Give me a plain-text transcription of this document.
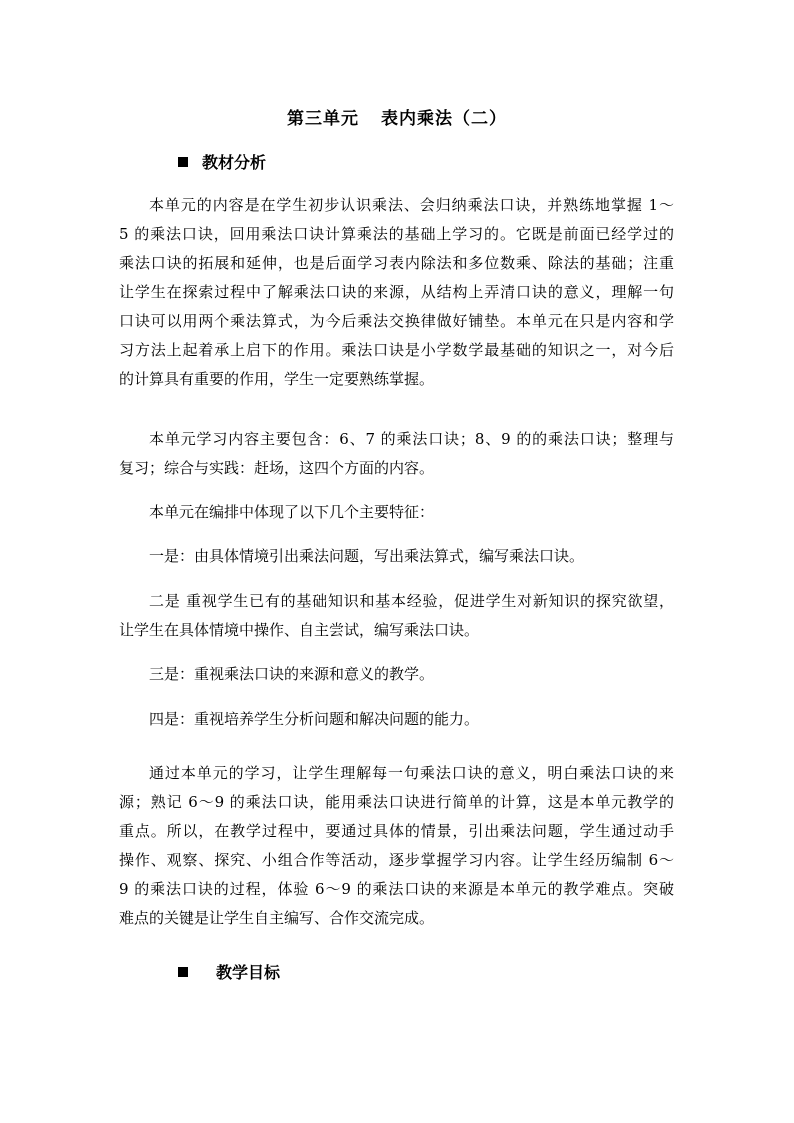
第三单元 表内乘法（二）
教材分析
本单元的内容是在学生初步认识乘法、会归纳乘法口诀，并熟练地掌握 1～
5 的乘法口诀，回用乘法口诀计算乘法的基础上学习的。它既是前面已经学过的
乘法口诀的拓展和延伸，也是后面学习表内除法和多位数乘、除法的基础；注重
让学生在探索过程中了解乘法口诀的来源，从结构上弄清口诀的意义，理解一句
口诀可以用两个乘法算式，为今后乘法交换律做好铺垫。本单元在只是内容和学
习方法上起着承上启下的作用。乘法口诀是小学数学最基础的知识之一，对今后
的计算具有重要的作用，学生一定要熟练掌握。
本单元学习内容主要包含：6、7 的乘法口诀；8、9 的的乘法口诀；整理与
复习；综合与实践：赶场，这四个方面的内容。
本单元在编排中体现了以下几个主要特征：
一是：由具体情境引出乘法问题，写出乘法算式，编写乘法口诀。
二是 重视学生已有的基础知识和基本经验，促进学生对新知识的探究欲望，
让学生在具体情境中操作、自主尝试，编写乘法口诀。
三是：重视乘法口诀的来源和意义的教学。
四是：重视培养学生分析问题和解决问题的能力。
通过本单元的学习，让学生理解每一句乘法口诀的意义，明白乘法口诀的来
源；熟记 6～9 的乘法口诀，能用乘法口诀进行简单的计算，这是本单元教学的
重点。所以，在教学过程中，要通过具体的情景，引出乘法问题，学生通过动手
操作、观察、探究、小组合作等活动，逐步掌握学习内容。让学生经历编制 6～
9 的乘法口诀的过程，体验 6～9 的乘法口诀的来源是本单元的教学难点。突破
难点的关键是让学生自主编写、合作交流完成。
教学目标
